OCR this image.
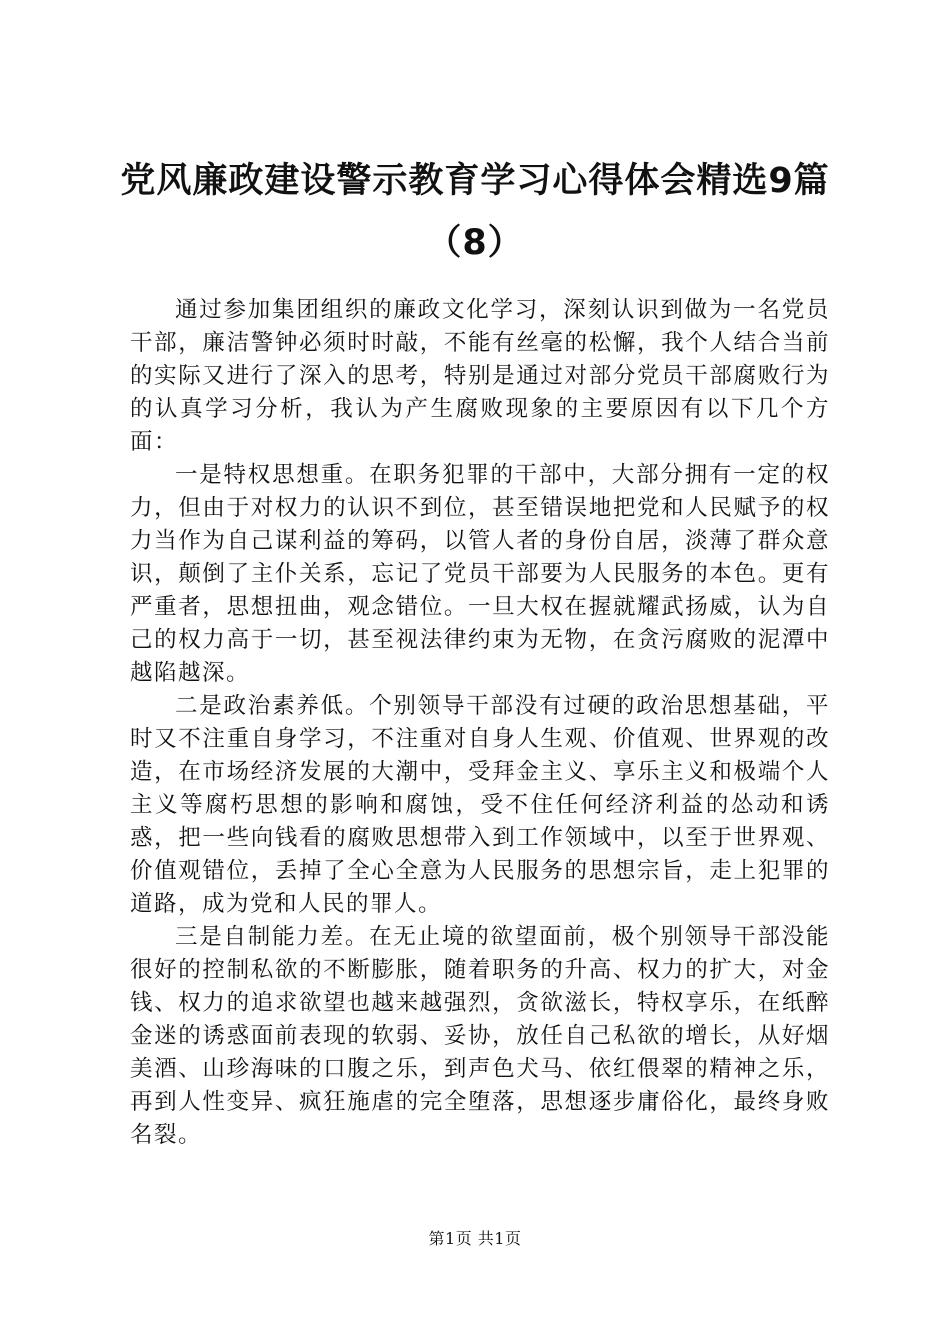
党风廉政建设警示教育学习心得体会精选9篇
（8）

通过参加集团组织的廉政文化学习，深刻认识到做为一名党员干部，廉洁警钟必须时时敲，不能有丝毫的松懈，我个人结合当前的实际又进行了深入的思考，特别是通过对部分党员干部腐败行为的认真学习分析，我认为产生腐败现象的主要原因有以下几个方面：

一是特权思想重。在职务犯罪的干部中，大部分拥有一定的权力，但由于对权力的认识不到位，甚至错误地把党和人民赋予的权力当作为自己谋利益的筹码，以管人者的身份自居，淡薄了群众意识，颠倒了主仆关系，忘记了党员干部要为人民服务的本色。更有严重者，思想扭曲，观念错位。一旦大权在握就耀武扬威，认为自己的权力高于一切，甚至视法律约束为无物，在贪污腐败的泥潭中越陷越深。

二是政治素养低。个别领导干部没有过硬的政治思想基础，平时又不注重自身学习，不注重对自身人生观、价值观、世界观的改造，在市场经济发展的大潮中，受拜金主义、享乐主义和极端个人主义等腐朽思想的影响和腐蚀，受不住任何经济利益的怂动和诱惑，把一些向钱看的腐败思想带入到工作领域中，以至于世界观、价值观错位，丢掉了全心全意为人民服务的思想宗旨，走上犯罪的道路，成为党和人民的罪人。

三是自制能力差。在无止境的欲望面前，极个别领导干部没能很好的控制私欲的不断膨胀，随着职务的升高、权力的扩大，对金钱、权力的追求欲望也越来越强烈，贪欲滋长，特权享乐，在纸醉金迷的诱惑面前表现的软弱、妥协，放任自己私欲的增长，从好烟美酒、山珍海味的口腹之乐，到声色犬马、依红偎翠的精神之乐，再到人性变异、疯狂施虐的完全堕落，思想逐步庸俗化，最终身败名裂。

第1页 共1页
